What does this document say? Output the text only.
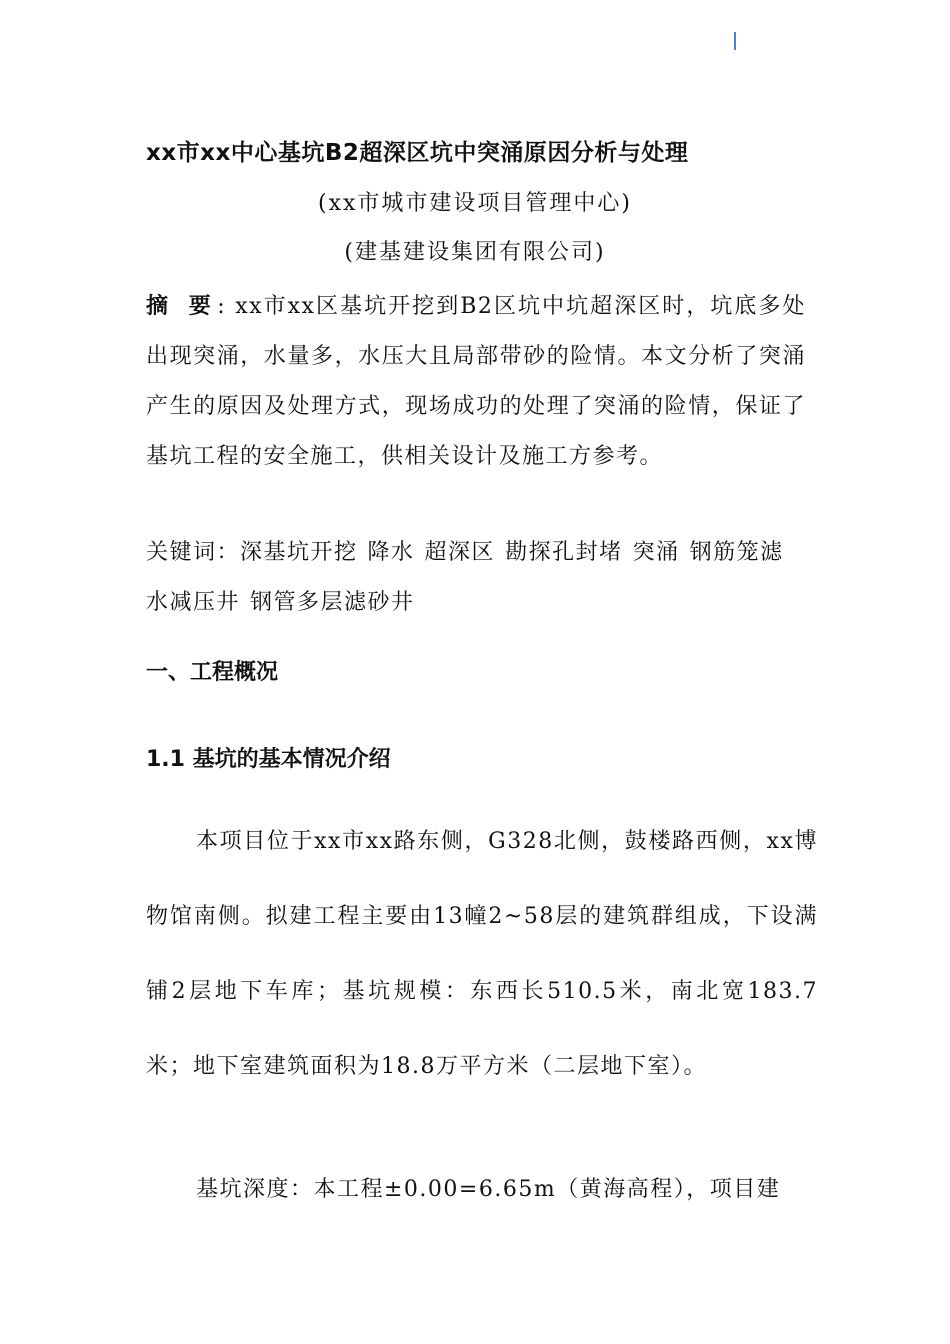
xx市xx中心基坑B2超深区坑中突涌原因分析与处理
(xx市城市建设项目管理中心)
(建基建设集团有限公司)
摘 要: xx市xx区基坑开挖到B2区坑中坑超深区时，坑底多处出现突涌，水量多，水压大且局部带砂的险情。本文分析了突涌产生的原因及处理方式，现场成功的处理了突涌的险情，保证了基坑工程的安全施工，供相关设计及施工方参考。
关键词：深基坑开挖 降水 超深区 勘探孔封堵 突涌 钢筋笼滤水减压井 钢管多层滤砂井
一、工程概况
1.1 基坑的基本情况介绍
本项目位于xx市xx路东侧，G328北侧，鼓楼路西侧，xx博物馆南侧。拟建工程主要由13幢2~58层的建筑群组成，下设满铺2层地下车库；基坑规模：东西长510.5米，南北宽183.7米；地下室建筑面积为18.8万平方米（二层地下室）。
基坑深度：本工程±0.00=6.65m（黄海高程），项目建
